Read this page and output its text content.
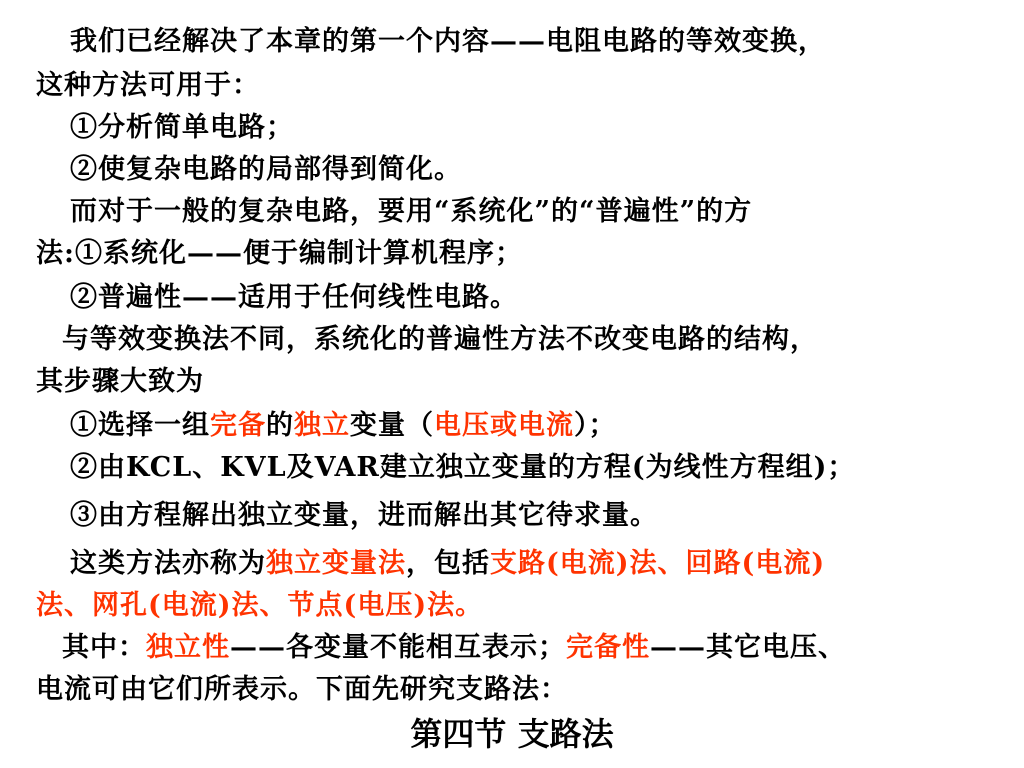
我们已经解决了本章的第一个内容——电阻电路的等效变换，
这种方法可用于：
①分析简单电路；
②使复杂电路的局部得到简化。
而对于一般的复杂电路，要用“系统化”的“普遍性”的方
法:①系统化——便于编制计算机程序；
②普遍性——适用于任何线性电路。
与等效变换法不同，系统化的普遍性方法不改变电路的结构，
其步骤大致为
①选择一组完备的独立变量（电压或电流）；
②由KCL、KVL及VAR建立独立变量的方程(为线性方程组)；
③由方程解出独立变量，进而解出其它待求量。
这类方法亦称为独立变量法，包括支路(电流)法、回路(电流)
法、网孔(电流)法、节点(电压)法。
其中：独立性——各变量不能相互表示；完备性——其它电压、
电流可由它们所表示。下面先研究支路法：
第四节 支路法
